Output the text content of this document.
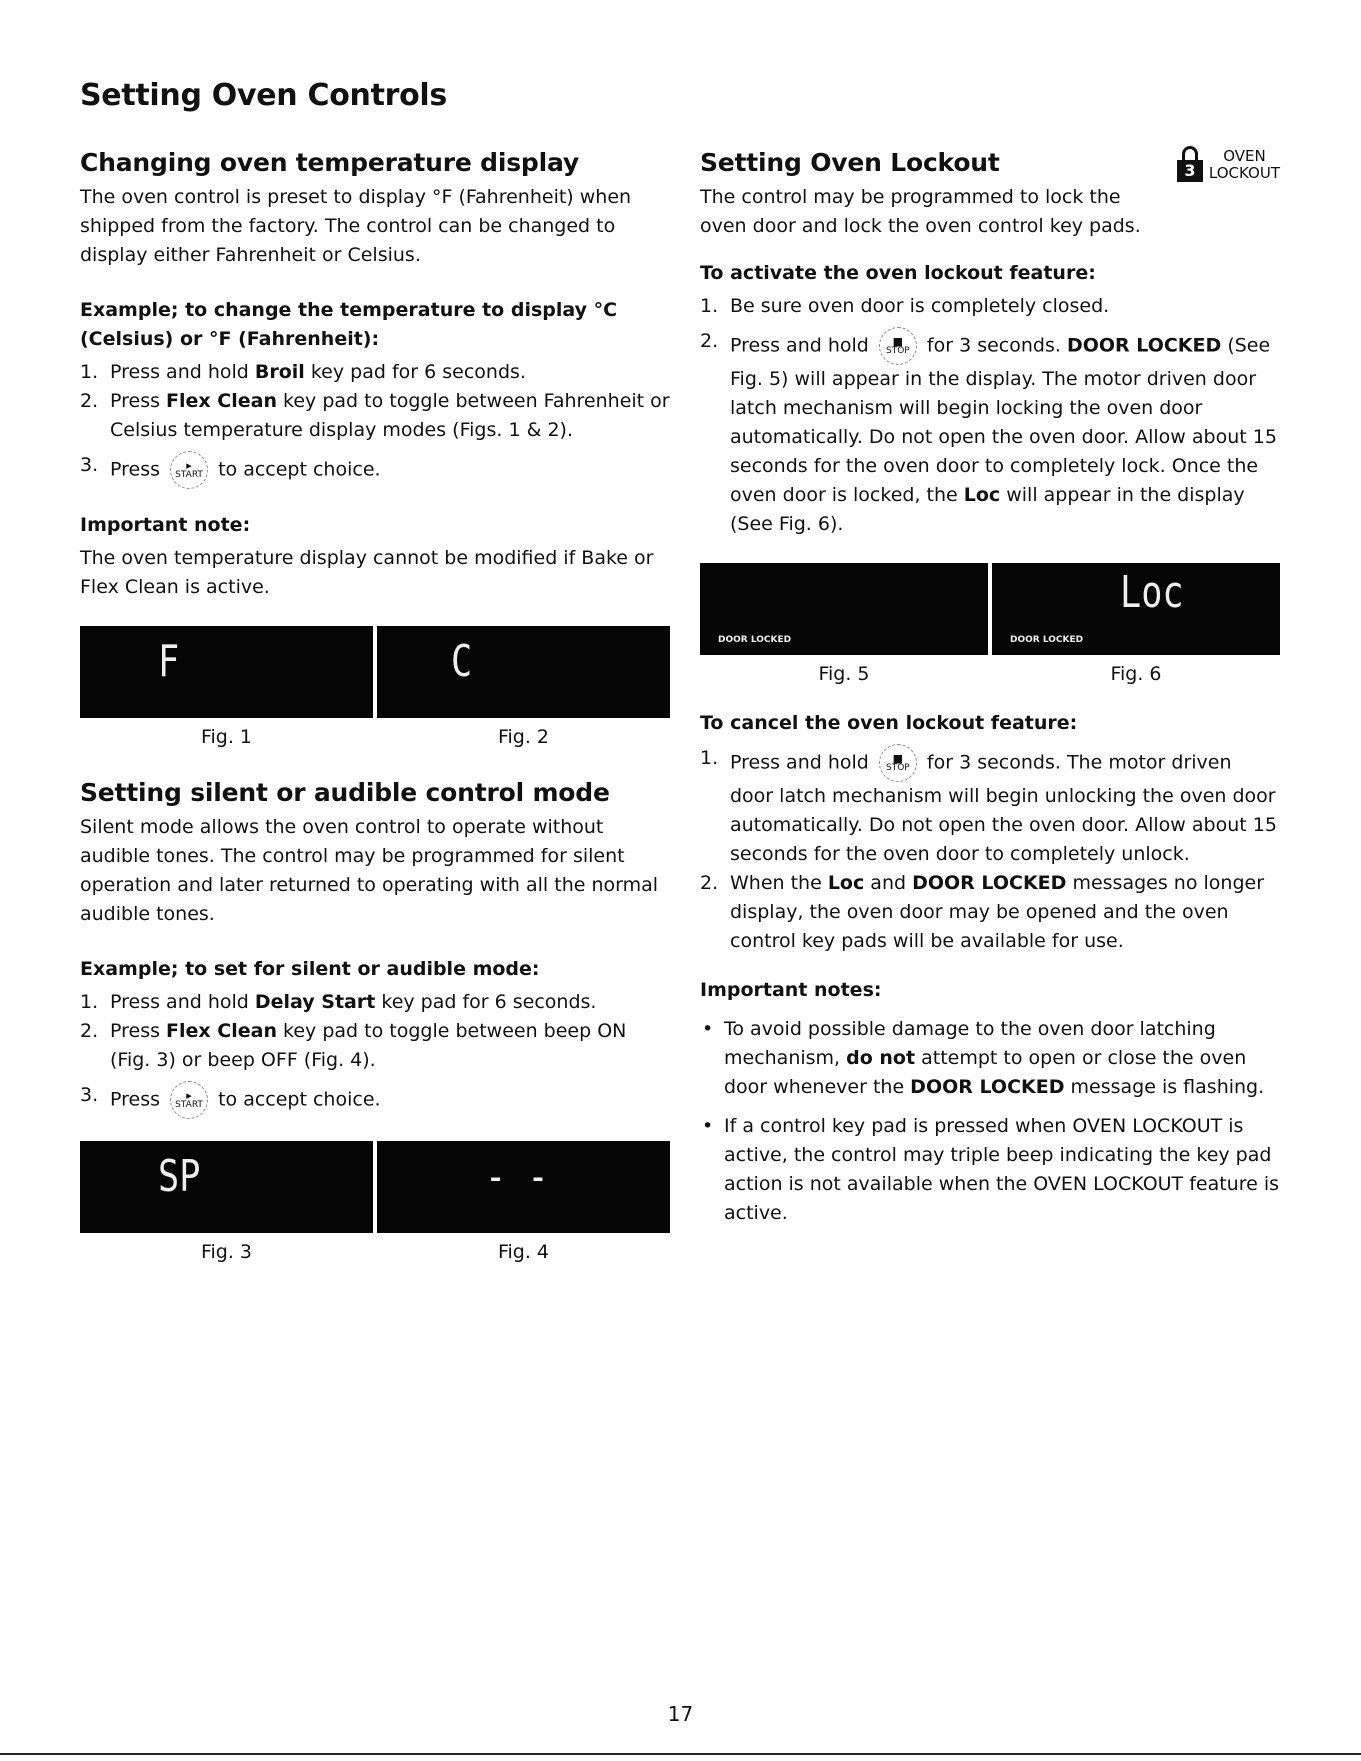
Setting Oven Controls
Changing oven temperature display

The oven control is preset to display °F (Fahrenheit) when shipped from the factory. The control can be changed to display either Fahrenheit or Celsius.

Example; to change the temperature to display °C (Celsius) or °F (Fahrenheit):
1. Press and hold Broil key pad for 6 seconds.
2. Press Flex Clean key pad to toggle between Fahrenheit or Celsius temperature display modes (Figs. 1 & 2).
3. Press ▸
START to accept choice.
Important note:

The oven temperature display cannot be modified if Bake or Flex Clean is active.

F
Fig. 1
C
Fig. 2
Setting silent or audible control mode

Silent mode allows the oven control to operate without audible tones. The control may be programmed for silent operation and later returned to operating with all the normal audible tones.

Example; to set for silent or audible mode:
1. Press and hold Delay Start key pad for 6 seconds.
2. Press Flex Clean key pad to toggle between beep ON (Fig. 3) or beep OFF (Fig. 4).
3. Press ▸
START to accept choice.
SP
Fig. 3
- -
Fig. 4
3
OVEN
LOCKOUT
Setting Oven Lockout

The control may be programmed to lock the oven door and lock the oven control key pads.

To activate the oven lockout feature:
1. Be sure oven door is completely closed.
2. Press and hold ■
STOP for 3 seconds. DOOR LOCKED (See Fig. 5) will appear in the display. The motor driven door latch mechanism will begin locking the oven door automatically. Do not open the oven door. Allow about 15 seconds for the oven door to completely lock. Once the oven door is locked, the Loc will appear in the display (See Fig. 6).
DOOR LOCKED
Fig. 5
Loc
DOOR LOCKED
Fig. 6
To cancel the oven lockout feature:
1. Press and hold ■
STOP for 3 seconds. The motor driven door latch mechanism will begin unlocking the oven door automatically. Do not open the oven door. Allow about 15 seconds for the oven door to completely unlock.
2. When the Loc and DOOR LOCKED messages no longer display, the oven door may be opened and the oven control key pads will be available for use.
Important notes:
• To avoid possible damage to the oven door latching mechanism, do not attempt to open or close the oven door whenever the DOOR LOCKED message is flashing.
• If a control key pad is pressed when OVEN LOCKOUT is active, the control may triple beep indicating the key pad action is not available when the OVEN LOCKOUT feature is active.
17
